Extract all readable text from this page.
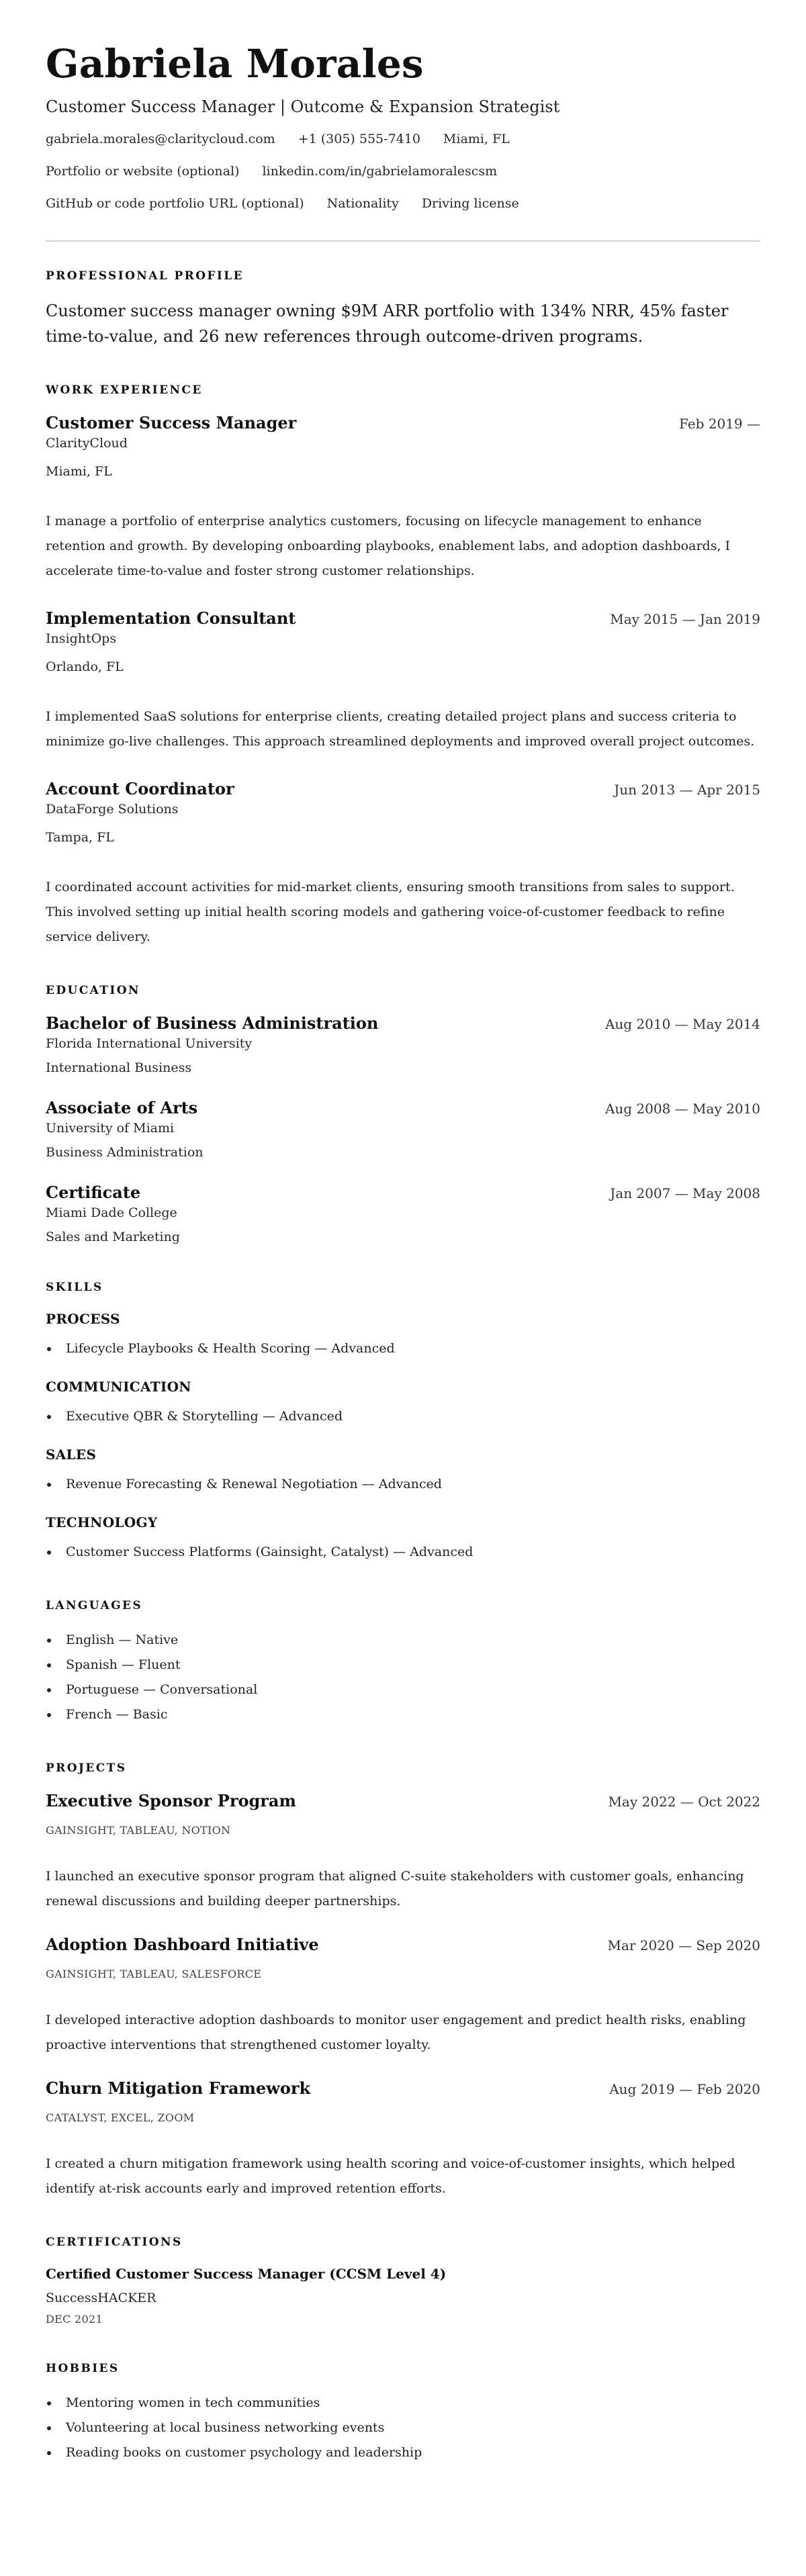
Gabriela Morales
Customer Success Manager | Outcome & Expansion Strategist
gabriela.morales@claritycloud.com +1 (305) 555-7410 Miami, FL
Portfolio or website (optional) linkedin.com/in/gabrielamoralescsm
GitHub or code portfolio URL (optional) Nationality Driving license
PROFESSIONAL PROFILE

Customer success manager owning $9M ARR portfolio with 134% NRR, 45% faster time-to-value, and 26 new references through outcome-driven programs.

WORK EXPERIENCE
Customer Success Manager	Feb 2019 —
ClarityCloud
Miami, FL

I manage a portfolio of enterprise analytics customers, focusing on lifecycle management to enhance retention and growth. By developing onboarding playbooks, enablement labs, and adoption dashboards, I accelerate time-to-value and foster strong customer relationships.

Implementation Consultant	May 2015 — Jan 2019
InsightOps
Orlando, FL

I implemented SaaS solutions for enterprise clients, creating detailed project plans and success criteria to minimize go-live challenges. This approach streamlined deployments and improved overall project outcomes.

Account Coordinator	Jun 2013 — Apr 2015
DataForge Solutions
Tampa, FL

I coordinated account activities for mid-market clients, ensuring smooth transitions from sales to support. This involved setting up initial health scoring models and gathering voice-of-customer feedback to refine service delivery.

EDUCATION
Bachelor of Business Administration	Aug 2010 — May 2014
Florida International University
International Business
Associate of Arts	Aug 2008 — May 2010
University of Miami
Business Administration
Certificate	Jan 2007 — May 2008
Miami Dade College
Sales and Marketing
SKILLS
PROCESS
Lifecycle Playbooks & Health Scoring — Advanced
COMMUNICATION
Executive QBR & Storytelling — Advanced
SALES
Revenue Forecasting & Renewal Negotiation — Advanced
TECHNOLOGY
Customer Success Platforms (Gainsight, Catalyst) — Advanced
LANGUAGES
English — Native
Spanish — Fluent
Portuguese — Conversational
French — Basic
PROJECTS
Executive Sponsor Program	May 2022 — Oct 2022
GAINSIGHT, TABLEAU, NOTION

I launched an executive sponsor program that aligned C-suite stakeholders with customer goals, enhancing renewal discussions and building deeper partnerships.

Adoption Dashboard Initiative	Mar 2020 — Sep 2020
GAINSIGHT, TABLEAU, SALESFORCE

I developed interactive adoption dashboards to monitor user engagement and predict health risks, enabling proactive interventions that strengthened customer loyalty.

Churn Mitigation Framework	Aug 2019 — Feb 2020
CATALYST, EXCEL, ZOOM

I created a churn mitigation framework using health scoring and voice-of-customer insights, which helped identify at-risk accounts early and improved retention efforts.

CERTIFICATIONS
Certified Customer Success Manager (CCSM Level 4)
SuccessHACKER
DEC 2021
HOBBIES
Mentoring women in tech communities
Volunteering at local business networking events
Reading books on customer psychology and leadership
